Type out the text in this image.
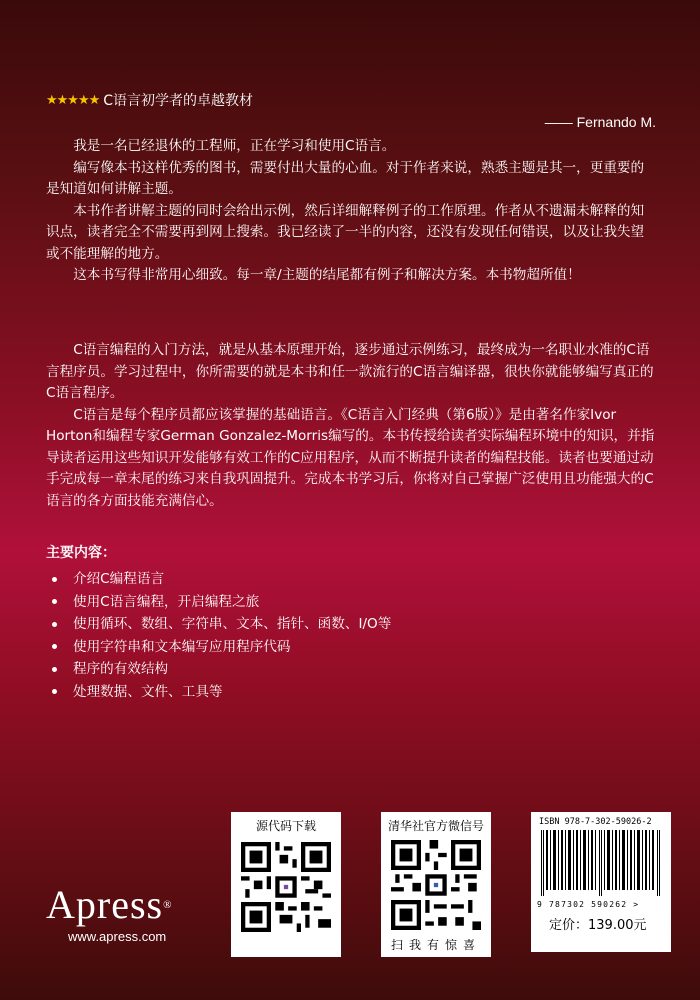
★★★★★ C语言初学者的卓越教材
—— Fernando M.

我是一名已经退休的工程师，正在学习和使用C语言。

编写像本书这样优秀的图书，需要付出大量的心血。对于作者来说，熟悉主题是其一，更重要的是知道如何讲解主题。

本书作者讲解主题的同时会给出示例，然后详细解释例子的工作原理。作者从不遗漏未解释的知识点，读者完全不需要再到网上搜索。我已经读了一半的内容，还没有发现任何错误，以及让我失望或不能理解的地方。

这本书写得非常用心细致。每一章/主题的结尾都有例子和解决方案。本书物超所值！

C语言编程的入门方法，就是从基本原理开始，逐步通过示例练习，最终成为一名职业水准的C语言程序员。学习过程中，你所需要的就是本书和任一款流行的C语言编译器，很快你就能够编写真正的C语言程序。

C语言是每个程序员都应该掌握的基础语言。《C语言入门经典（第6版）》是由著名作家Ivor Horton和编程专家German Gonzalez-Morris编写的。本书传授给读者实际编程环境中的知识，并指导读者运用这些知识开发能够有效工作的C应用程序，从而不断提升读者的编程技能。读者也要通过动手完成每一章末尾的练习来自我巩固提升。完成本书学习后，你将对自己掌握广泛使用且功能强大的C语言的各方面技能充满信心。

主要内容：
介绍C编程语言
使用C语言编程，开启编程之旅
使用循环、数组、字符串、文本、指针、函数、I/O等
使用字符串和文本编写应用程序代码
程序的有效结构
处理数据、文件、工具等
Apress®
www.apress.com
源代码下载	清华社官方微信号
扫我有惊喜
ISBN 978-7-302-59026-2
9 787302 590262 >
定价：139.00元
